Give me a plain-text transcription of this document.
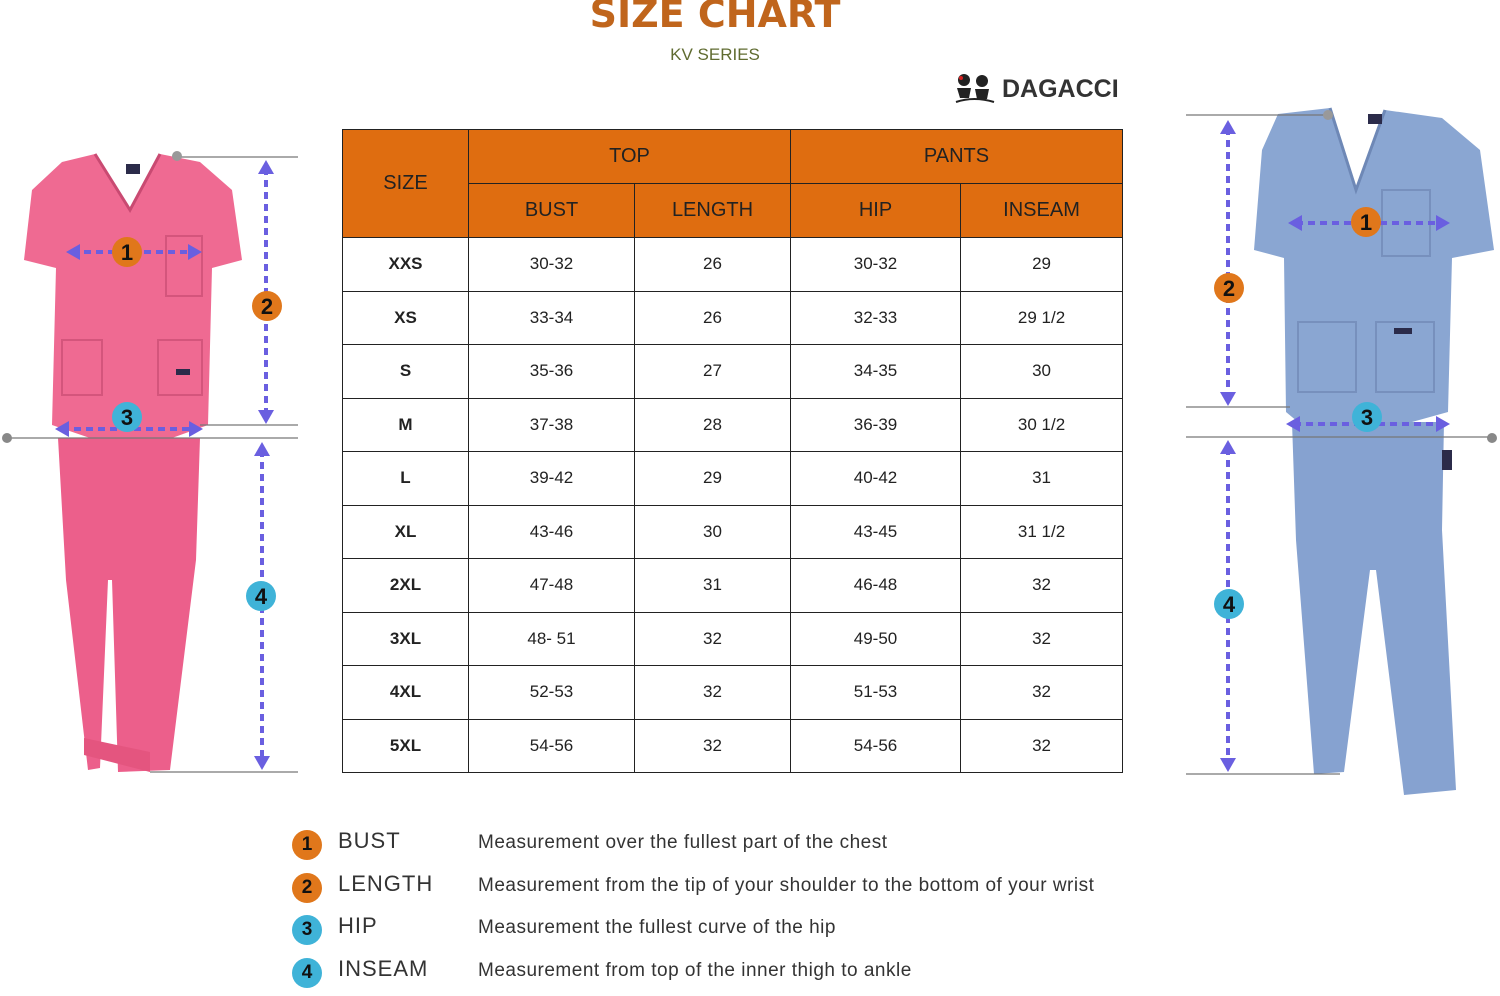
SIZE CHART
KV SERIES
DAGACCI
1
2
3
4
1
2
3
4
SIZE	TOP		PANTS	
	BUST	LENGTH	HIP	INSEAM
XXS	30-32	26	30-32	29
XS	33-34	26	32-33	29 1/2
S	35-36	27	34-35	30
M	37-38	28	36-39	30 1/2
L	39-42	29	40-42	31
XL	43-46	30	43-45	31 1/2
2XL	47-48	31	46-48	32
3XL	48- 51	32	49-50	32
4XL	52-53	32	51-53	32
5XL	54-56	32	54-56	32
1	BUST	Measurement over the fullest part of the chest
2	LENGTH Measurement from the tip of your shoulder to the bottom of your wrist
3	HIP	Measurement the fullest curve of the hip
4	INSEAM	Measurement from top of the inner thigh to ankle
